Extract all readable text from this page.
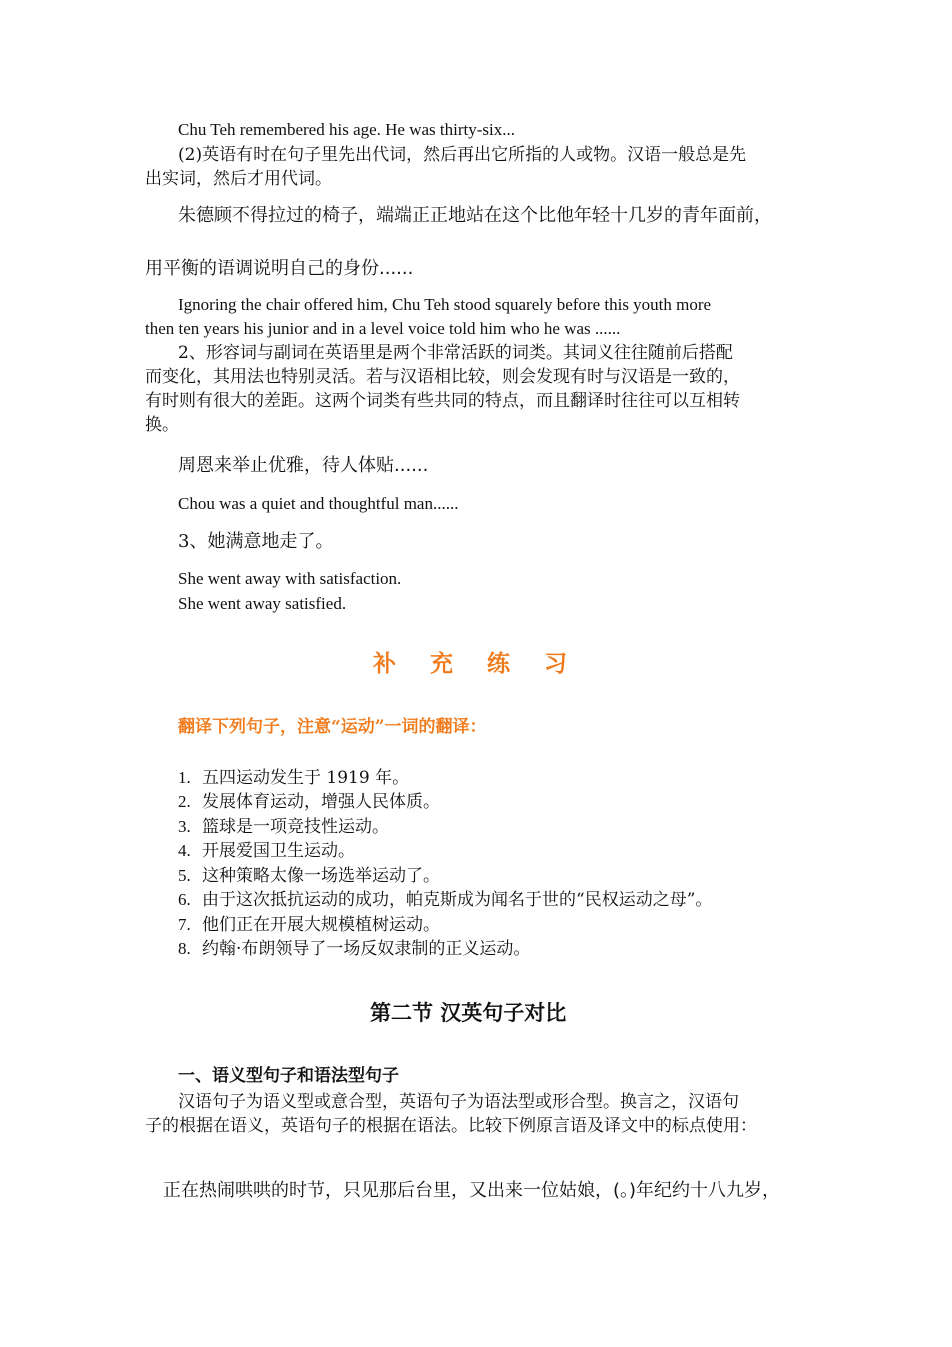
Chu Teh remembered his age. He was thirty-six...
(2)英语有时在句子里先出代词，然后再出它所指的人或物。汉语一般总是先
出实词，然后才用代词。
朱德顾不得拉过的椅子，端端正正地站在这个比他年轻十几岁的青年面前，
用平衡的语调说明自己的身份......
Ignoring the chair offered him, Chu Teh stood squarely before this youth more
then ten years his junior and in a level voice told him who he was ......
2、形容词与副词在英语里是两个非常活跃的词类。其词义往往随前后搭配
而变化，其用法也特别灵活。若与汉语相比较，则会发现有时与汉语是一致的，
有时则有很大的差距。这两个词类有些共同的特点，而且翻译时往往可以互相转
换。
周恩来举止优雅，待人体贴......
Chou was a quiet and thoughtful man......
3、她满意地走了。
She went away with satisfaction.
She went away satisfied.
补充练习
翻译下列句子，注意“运动”一词的翻译：
1. 五四运动发生于 1919 年。
2. 发展体育运动，增强人民体质。
3. 篮球是一项竞技性运动。
4. 开展爱国卫生运动。
5. 这种策略太像一场选举运动了。
6. 由于这次抵抗运动的成功，帕克斯成为闻名于世的“民权运动之母”。
7. 他们正在开展大规模植树运动。
8. 约翰·布朗领导了一场反奴隶制的正义运动。
第二节 汉英句子对比
一、语义型句子和语法型句子
汉语句子为语义型或意合型，英语句子为语法型或形合型。换言之，汉语句
子的根据在语义，英语句子的根据在语法。比较下例原言语及译文中的标点使用：
正在热闹哄哄的时节，只见那后台里，又出来一位姑娘，(。)年纪约十八九岁，
